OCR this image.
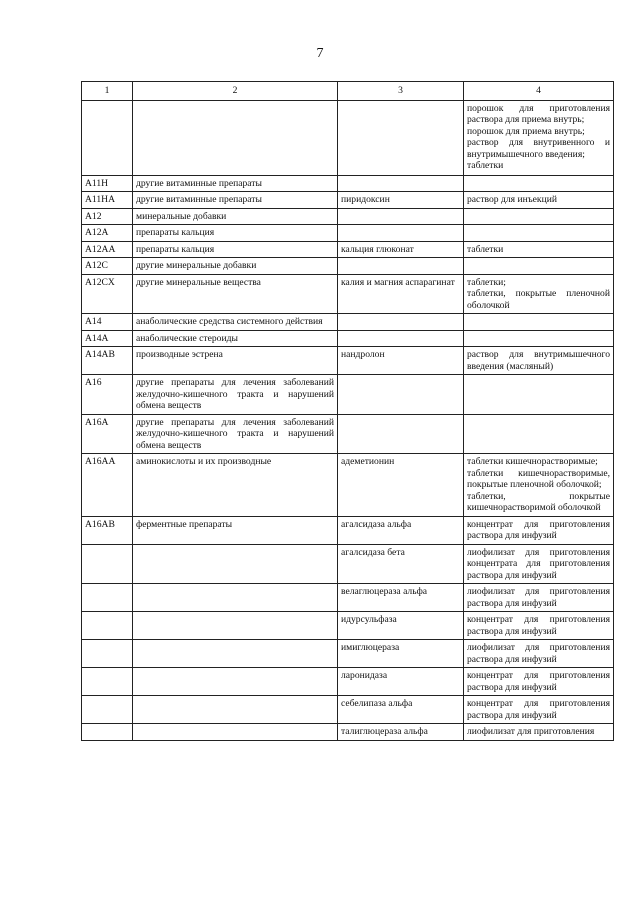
7
1	2	3	4
			порошок для приготовления раствора для приема внутрь;
порошок для приема внутрь;
раствор для внутривенного и внутримышечного введения;
таблетки
A11H	другие витаминные препараты		
A11HA	другие витаминные препараты	пиридоксин	раствор для инъекций
A12	минеральные добавки		
A12A	препараты кальция		
A12AA	препараты кальция	кальция глюконат	таблетки
A12C	другие минеральные добавки		
A12CX	другие минеральные вещества	калия и магния аспарагинат	таблетки;
таблетки, покрытые пленочной оболочкой
A14	анаболические средства системного действия		
A14A	анаболические стероиды		
A14AB	производные эстрена	нандролон	раствор для внутримышечного введения (масляный)
A16	другие препараты для лечения заболеваний желудочно-кишечного тракта и нарушений обмена веществ		
A16A	другие препараты для лечения заболеваний желудочно-кишечного тракта и нарушений обмена веществ		
A16AA	аминокислоты и их производные	адеметионин	таблетки кишечнорастворимые;
таблетки кишечнорастворимые, покрытые пленочной оболочкой;
таблетки, покрытые кишечнорастворимой оболочкой
A16AB	ферментные препараты	агалсидаза альфа	концентрат для приготовления раствора для инфузий
		агалсидаза бета	лиофилизат для приготовления концентрата для приготовления раствора для инфузий
		велаглюцераза альфа	лиофилизат для приготовления раствора для инфузий
		идурсульфаза	концентрат для приготовления раствора для инфузий
		имиглюцераза	лиофилизат для приготовления раствора для инфузий
		ларонидаза	концентрат для приготовления раствора для инфузий
		себелипаза альфа	концентрат для приготовления раствора для инфузий
		талиглюцераза альфа	лиофилизат для приготовления
